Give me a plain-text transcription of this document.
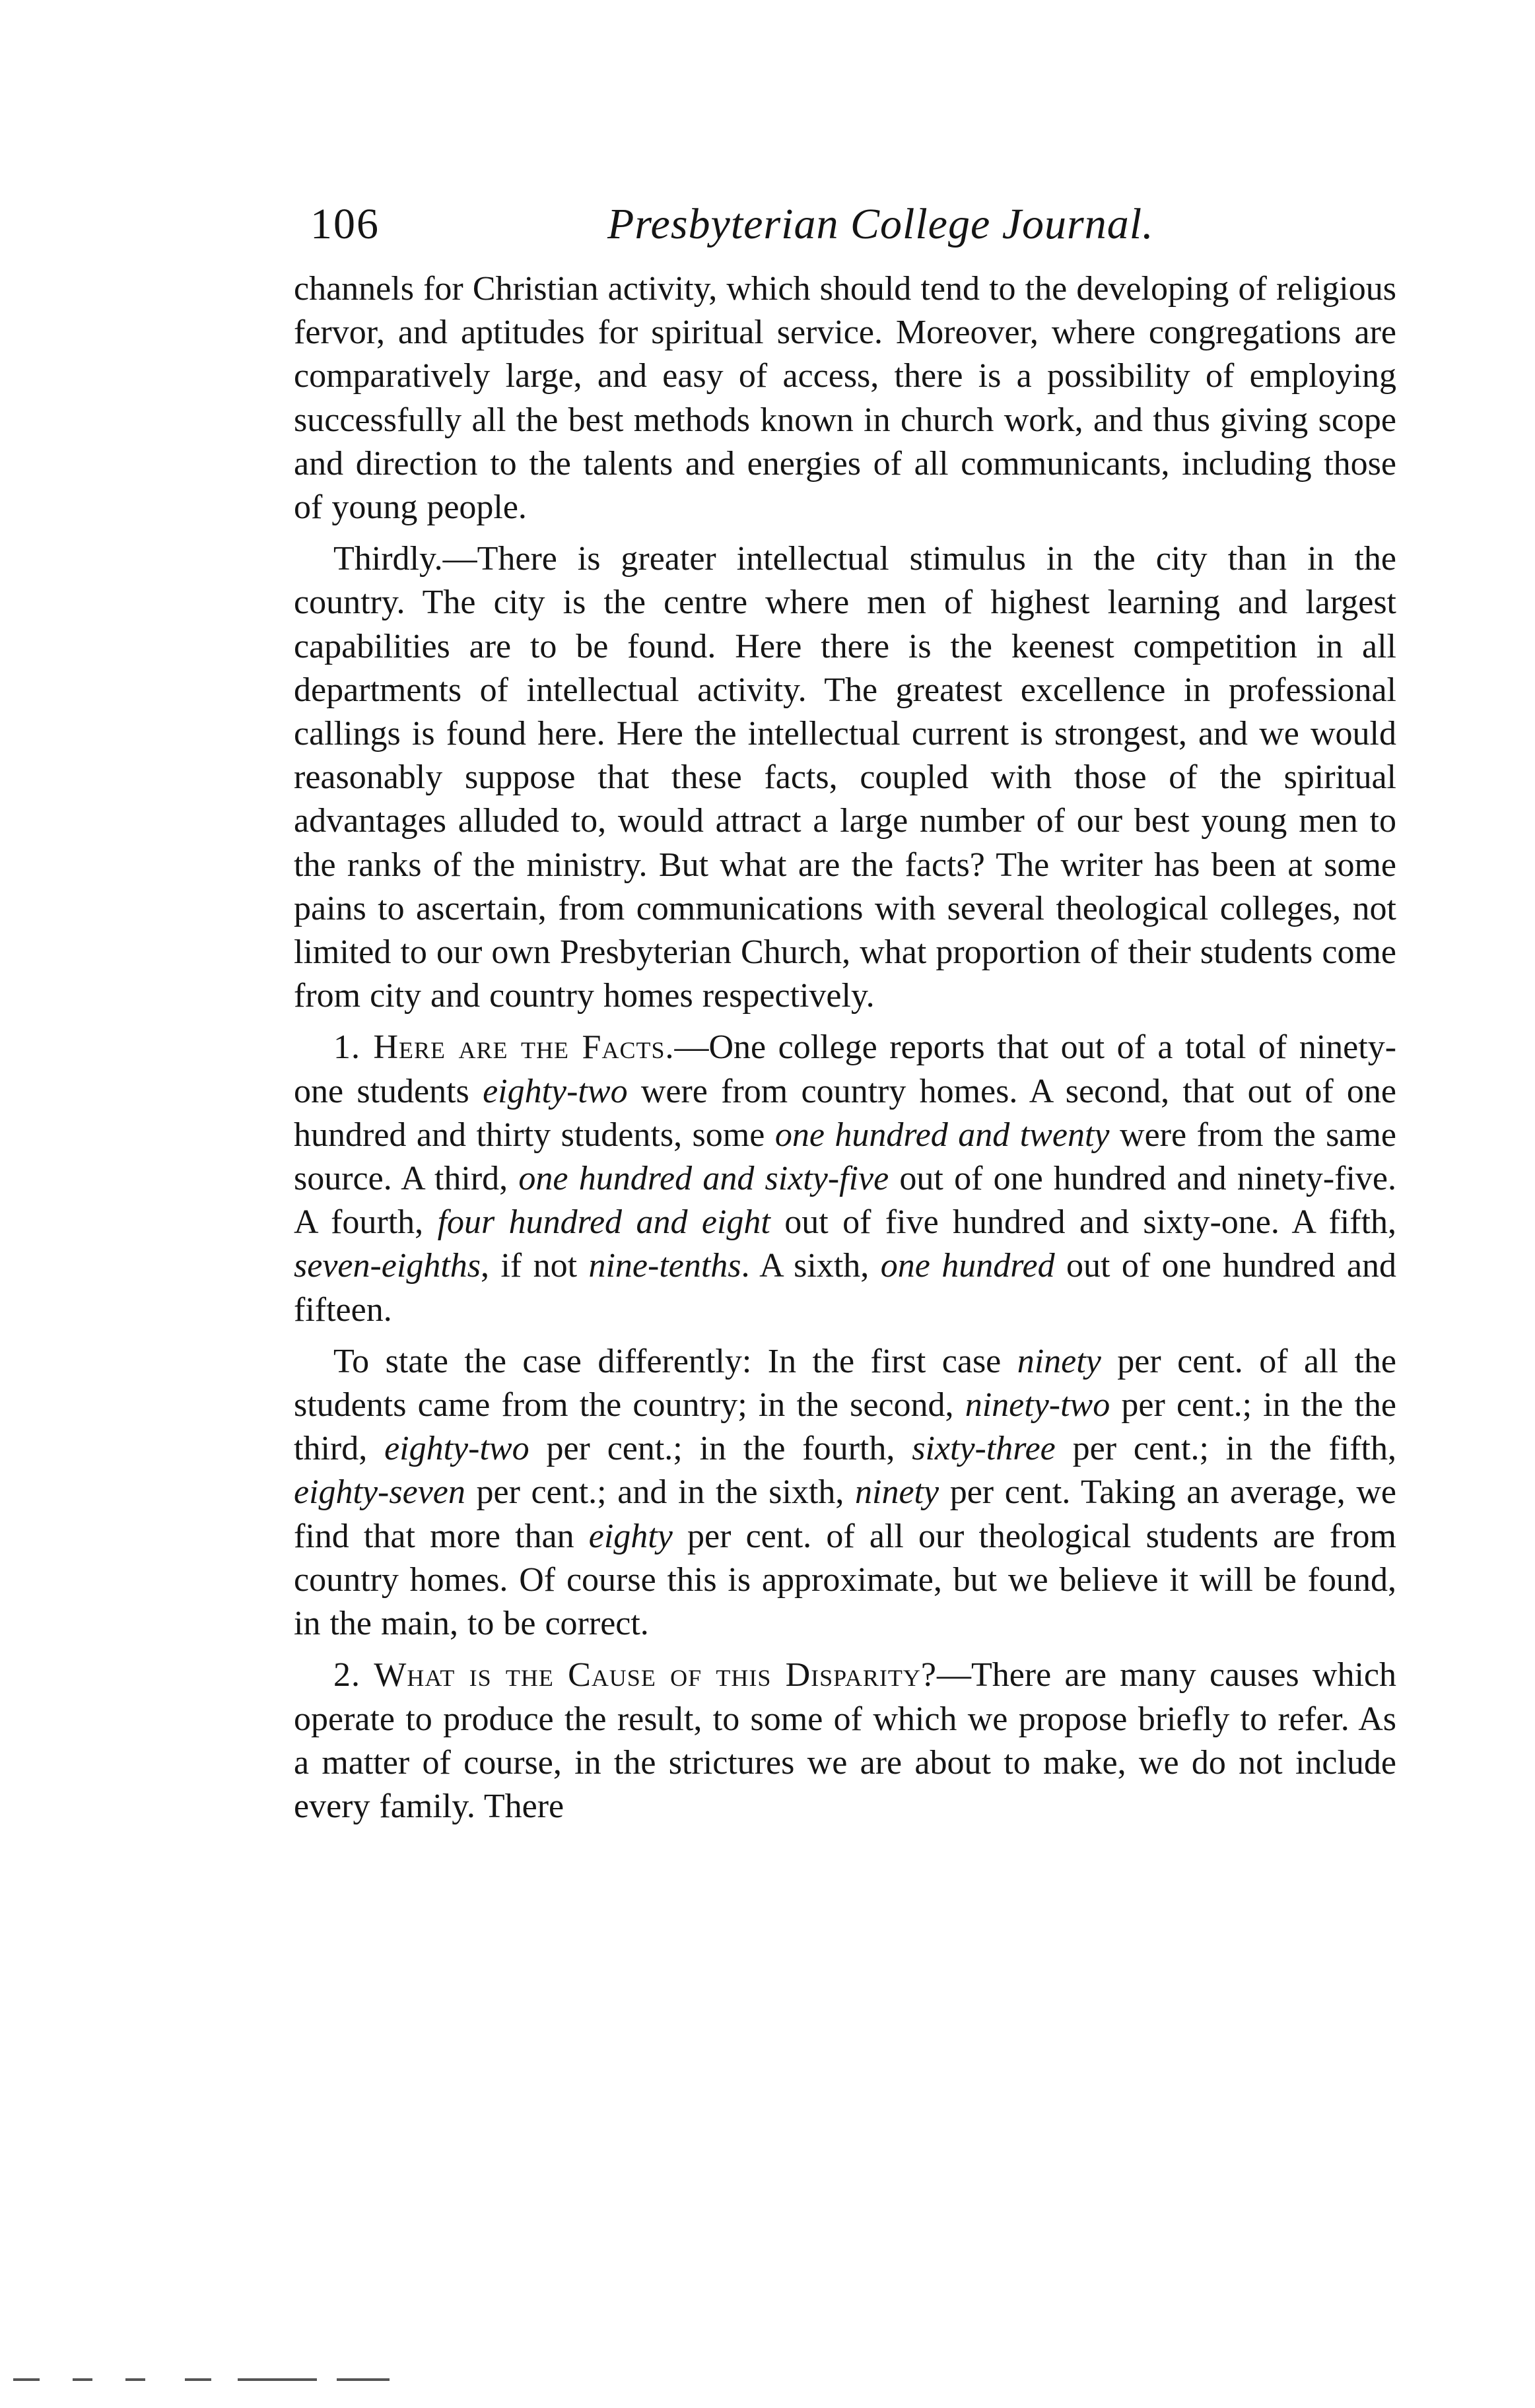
106	Presbyterian College Journal.

channels for Christian activity, which should tend to the developing of religious fervor, and aptitudes for spiritual service. Moreover, where congregations are comparatively large, and easy of access, there is a possibility of employing successfully all the best methods known in church work, and thus giving scope and direction to the talents and energies of all communicants, including those of young people.

Thirdly.—There is greater intellectual stimulus in the city than in the country. The city is the centre where men of highest learning and largest capabilities are to be found. Here there is the keenest competition in all departments of intellectual activity. The greatest excellence in professional callings is found here. Here the intellectual current is strongest, and we would reasonably suppose that these facts, coupled with those of the spiritual advantages alluded to, would attract a large number of our best young men to the ranks of the ministry. But what are the facts? The writer has been at some pains to ascertain, from communications with several theological colleges, not limited to our own Presbyterian Church, what proportion of their students come from city and country homes respectively.

1. Here are the Facts.—One college reports that out of a total of ninety-one students eighty-two were from country homes. A second, that out of one hundred and thirty students, some one hundred and twenty were from the same source. A third, one hundred and sixty-five out of one hundred and ninety-five. A fourth, four hundred and eight out of five hundred and sixty-one. A fifth, seven-eighths, if not nine-tenths. A sixth, one hundred out of one hundred and fifteen.

To state the case differently: In the first case ninety per cent. of all the students came from the country; in the second, ninety-two per cent.; in the the third, eighty-two per cent.; in the fourth, sixty-three per cent.; in the fifth, eighty-seven per cent.; and in the sixth, ninety per cent. Taking an average, we find that more than eighty per cent. of all our theological students are from country homes. Of course this is approximate, but we believe it will be found, in the main, to be correct.

2. What is the Cause of this Disparity?—There are many causes which operate to produce the result, to some of which we propose briefly to refer. As a matter of course, in the strictures we are about to make, we do not include every family. There
